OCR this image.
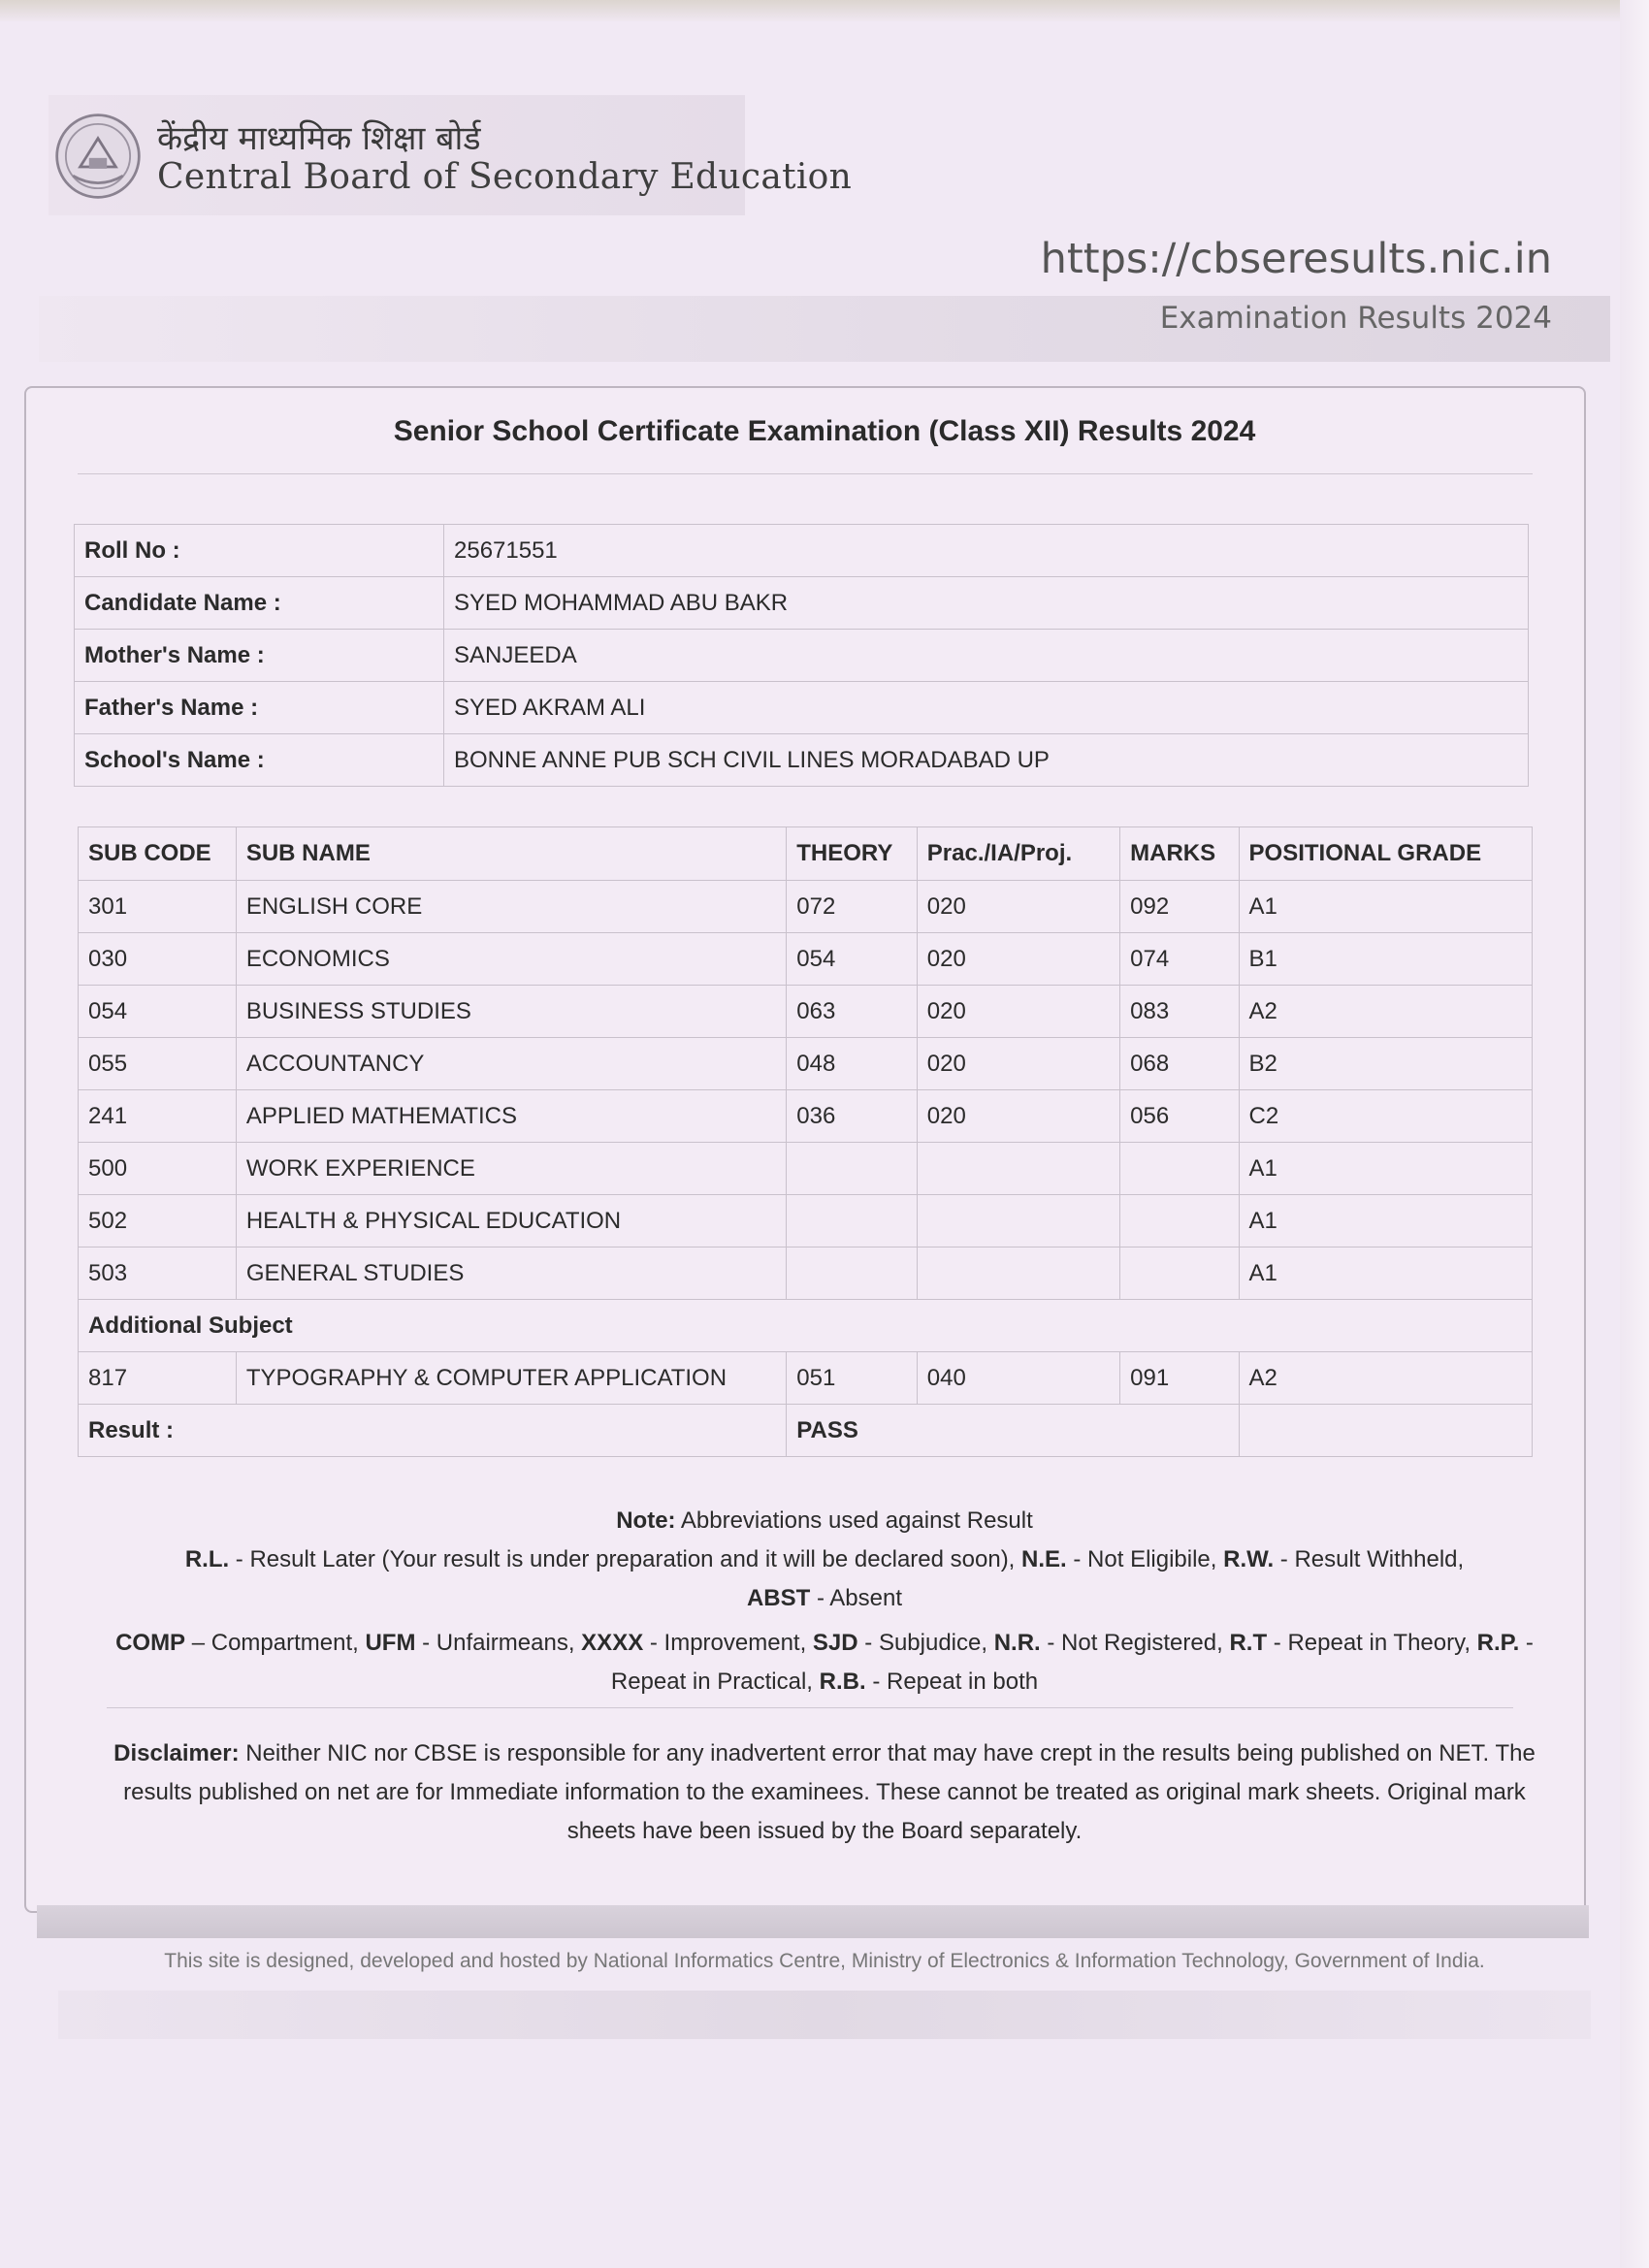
केंद्रीय माध्यमिक शिक्षा बोर्ड
Central Board of Secondary Education
https://cbseresults.nic.in
Examination Results 2024
Senior School Certificate Examination (Class XII) Results 2024
Roll No :	25671551
Candidate Name :	SYED MOHAMMAD ABU BAKR
Mother's Name :	SANJEEDA
Father's Name :	SYED AKRAM ALI
School's Name :	BONNE ANNE PUB SCH CIVIL LINES MORADABAD UP
SUB CODE	SUB NAME	THEORY	Prac./IA/Proj.	MARKS	POSITIONAL GRADE
301	ENGLISH CORE	072	020	092	A1
030	ECONOMICS	054	020	074	B1
054	BUSINESS STUDIES	063	020	083	A2
055	ACCOUNTANCY	048	020	068	B2
241	APPLIED MATHEMATICS	036	020	056	C2
500	WORK EXPERIENCE				A1
502	HEALTH & PHYSICAL EDUCATION				A1
503	GENERAL STUDIES				A1
Additional Subject					
817	TYPOGRAPHY & COMPUTER APPLICATION	051	040	091	A2
Result :		PASS			
Note: Abbreviations used against Result
R.L. - Result Later (Your result is under preparation and it will be declared soon), N.E. - Not Eligibile, R.W. - Result Withheld,
ABST - Absent
COMP – Compartment, UFM - Unfairmeans, XXXX - Improvement, SJD - Subjudice, N.R. - Not Registered, R.T - Repeat in Theory, R.P. - Repeat in Practical, R.B. - Repeat in both
Disclaimer: Neither NIC nor CBSE is responsible for any inadvertent error that may have crept in the results being published on NET. The results published on net are for Immediate information to the examinees. These cannot be treated as original mark sheets. Original mark sheets have been issued by the Board separately.
This site is designed, developed and hosted by National Informatics Centre, Ministry of Electronics & Information Technology, Government of India.
